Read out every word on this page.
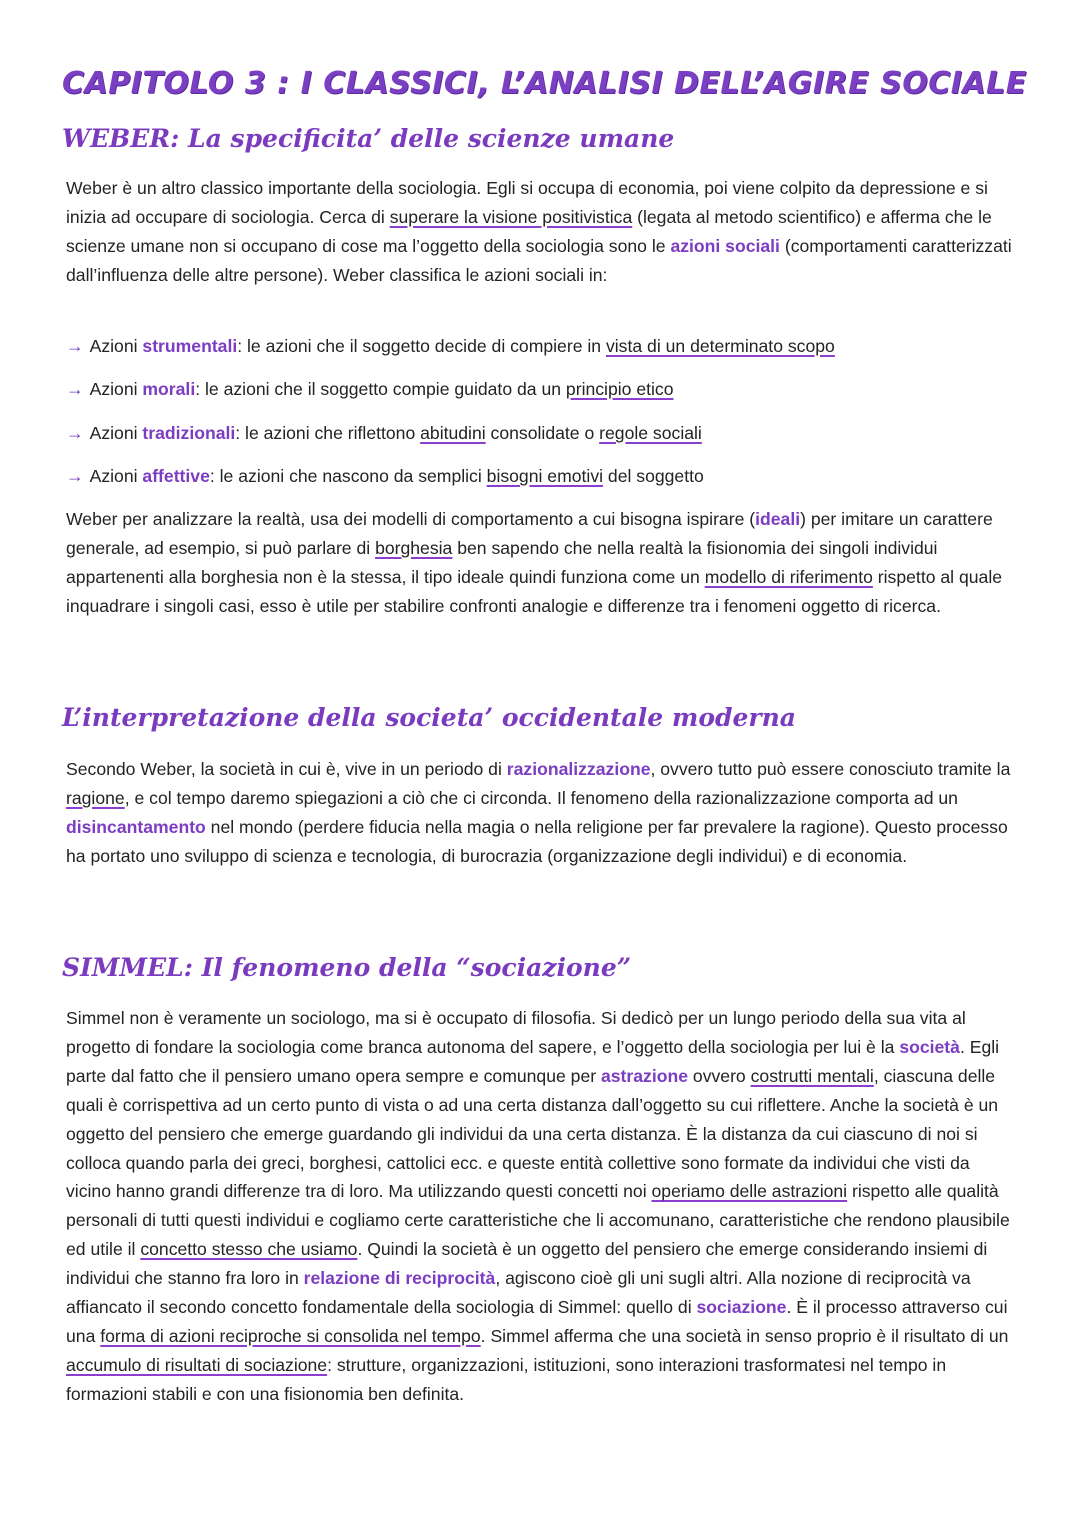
CAPITOLO 3 : I CLASSICI, L’ANALISI DELL’AGIRE SOCIALE
WEBER: La specificita’ delle scienze umane

Weber è un altro classico importante della sociologia. Egli si occupa di economia, poi viene colpito da depressione e si inizia ad occupare di sociologia. Cerca di superare la visione positivistica (legata al metodo scientifico) e afferma che le scienze umane non si occupano di cose ma l’oggetto della sociologia sono le azioni sociali (comportamenti caratterizzati dall’influenza delle altre persone). Weber classifica le azioni sociali in:

→ Azioni strumentali: le azioni che il soggetto decide di compiere in vista di un determinato scopo

→ Azioni morali: le azioni che il soggetto compie guidato da un principio etico

→ Azioni tradizionali: le azioni che riflettono abitudini consolidate o regole sociali

→ Azioni affettive: le azioni che nascono da semplici bisogni emotivi del soggetto

Weber per analizzare la realtà, usa dei modelli di comportamento a cui bisogna ispirare (ideali) per imitare un carattere generale, ad esempio, si può parlare di borghesia ben sapendo che nella realtà la fisionomia dei singoli individui appartenenti alla borghesia non è la stessa, il tipo ideale quindi funziona come un modello di riferimento rispetto al quale inquadrare i singoli casi, esso è utile per stabilire confronti analogie e differenze tra i fenomeni oggetto di ricerca.

L’interpretazione della societa’ occidentale moderna

Secondo Weber, la società in cui è, vive in un periodo di razionalizzazione, ovvero tutto può essere conosciuto tramite la ragione, e col tempo daremo spiegazioni a ciò che ci circonda. Il fenomeno della razionalizzazione comporta ad un disincantamento nel mondo (perdere fiducia nella magia o nella religione per far prevalere la ragione). Questo processo ha portato uno sviluppo di scienza e tecnologia, di burocrazia (organizzazione degli individui) e di economia.

SIMMEL: Il fenomeno della “sociazione”

Simmel non è veramente un sociologo, ma si è occupato di filosofia. Si dedicò per un lungo periodo della sua vita al progetto di fondare la sociologia come branca autonoma del sapere, e l’oggetto della sociologia per lui è la società. Egli parte dal fatto che il pensiero umano opera sempre e comunque per astrazione ovvero costrutti mentali, ciascuna delle quali è corrispettiva ad un certo punto di vista o ad una certa distanza dall’oggetto su cui riflettere. Anche la società è un oggetto del pensiero che emerge guardando gli individui da una certa distanza. È la distanza da cui ciascuno di noi si colloca quando parla dei greci, borghesi, cattolici ecc. e queste entità collettive sono formate da individui che visti da vicino hanno grandi differenze tra di loro. Ma utilizzando questi concetti noi operiamo delle astrazioni rispetto alle qualità personali di tutti questi individui e cogliamo certe caratteristiche che li accomunano, caratteristiche che rendono plausibile ed utile il concetto stesso che usiamo. Quindi la società è un oggetto del pensiero che emerge considerando insiemi di individui che stanno fra loro in relazione di reciprocità, agiscono cioè gli uni sugli altri. Alla nozione di reciprocità va affiancato il secondo concetto fondamentale della sociologia di Simmel: quello di sociazione. È il processo attraverso cui una forma di azioni reciproche si consolida nel tempo. Simmel afferma che una società in senso proprio è il risultato di un accumulo di risultati di sociazione: strutture, organizzazioni, istituzioni, sono interazioni trasformatesi nel tempo in formazioni stabili e con una fisionomia ben definita.
